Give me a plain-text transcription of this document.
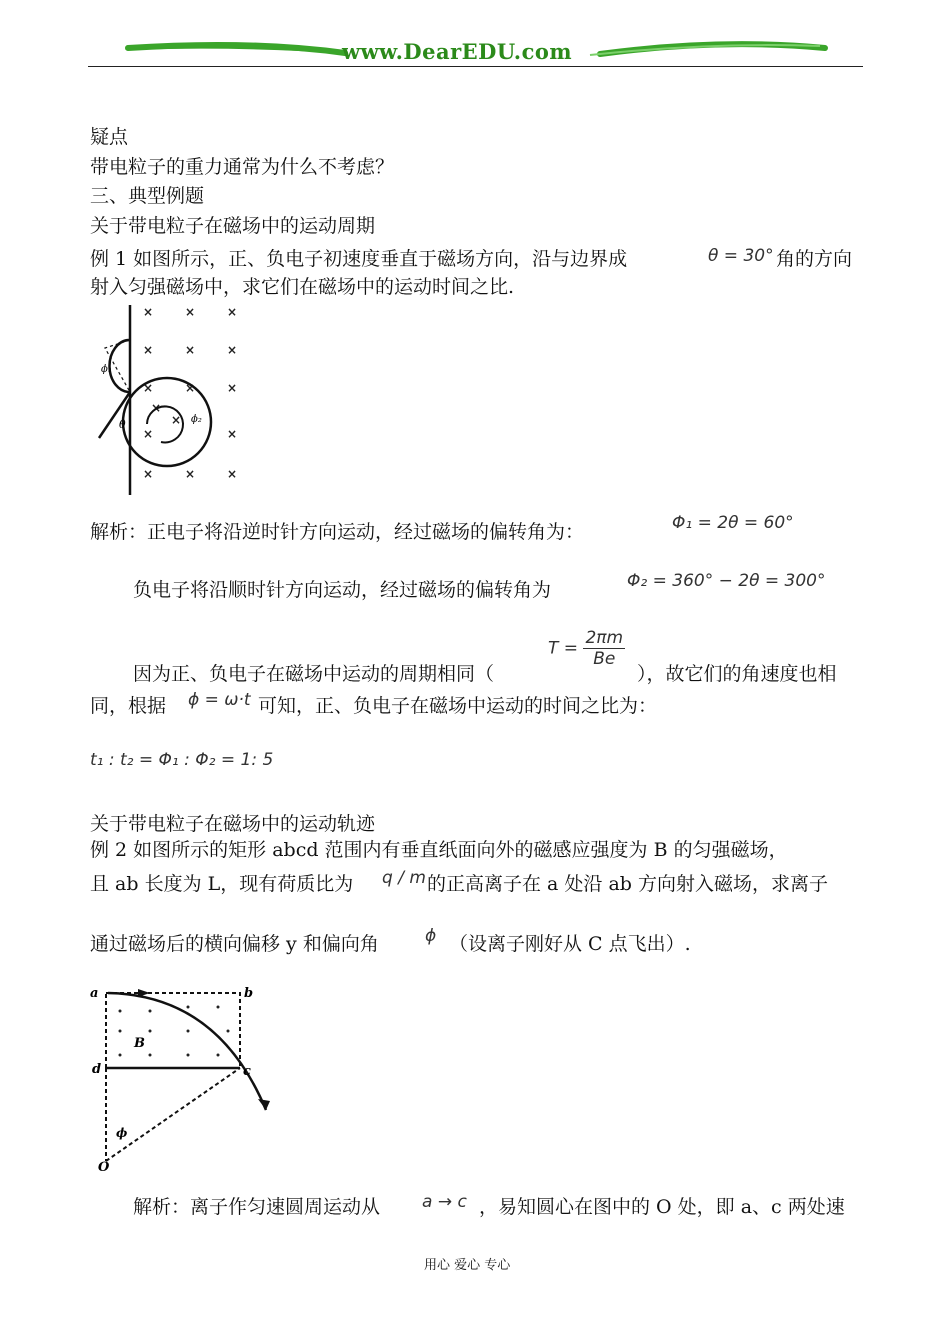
www.DearEDU.com
疑点
带电粒子的重力通常为什么不考虑？
三、典型例题
关于带电粒子在磁场中的运动周期
例 1 如图所示，正、负电子初速度垂直于磁场方向，沿与边界成	θ = 30° 角的方向
射入匀强磁场中，求它们在磁场中的运动时间之比.
×	×	×
×	×	×
×	×	×
×	×
×	×	×
×
×
θ
ϕ₁
ϕ₂
解析：正电子将沿逆时针方向运动，经过磁场的偏转角为：	Φ₁ = 2θ = 60°
负电子将沿顺时针方向运动，经过磁场的偏转角为	Φ₂ = 360° − 2θ = 300°
$T = \frac{2\pi m}{Be}$
因为正、负电子在磁场中运动的周期相同（	），故它们的角速度也相
同，根据 ϕ = ω·t 可知，正、负电子在磁场中运动的时间之比为：
t₁ : t₂ = Φ₁ : Φ₂ = 1: 5
关于带电粒子在磁场中的运动轨迹
例 2 如图所示的矩形 abcd 范围内有垂直纸面向外的磁感应强度为 B 的匀强磁场，
且 ab 长度为 L，现有荷质比为 q / m 的正高离子在 a 处沿 ab 方向射入磁场，求离子
通过磁场后的横向偏移 y 和偏向角	ϕ （设离子刚好从 C 点飞出）.
a	b
c
d
B
O
ϕ
解析：离子作匀速圆周运动从 a → c ，易知圆心在图中的 O 处，即 a、c 两处速
用心 爱心 专心
